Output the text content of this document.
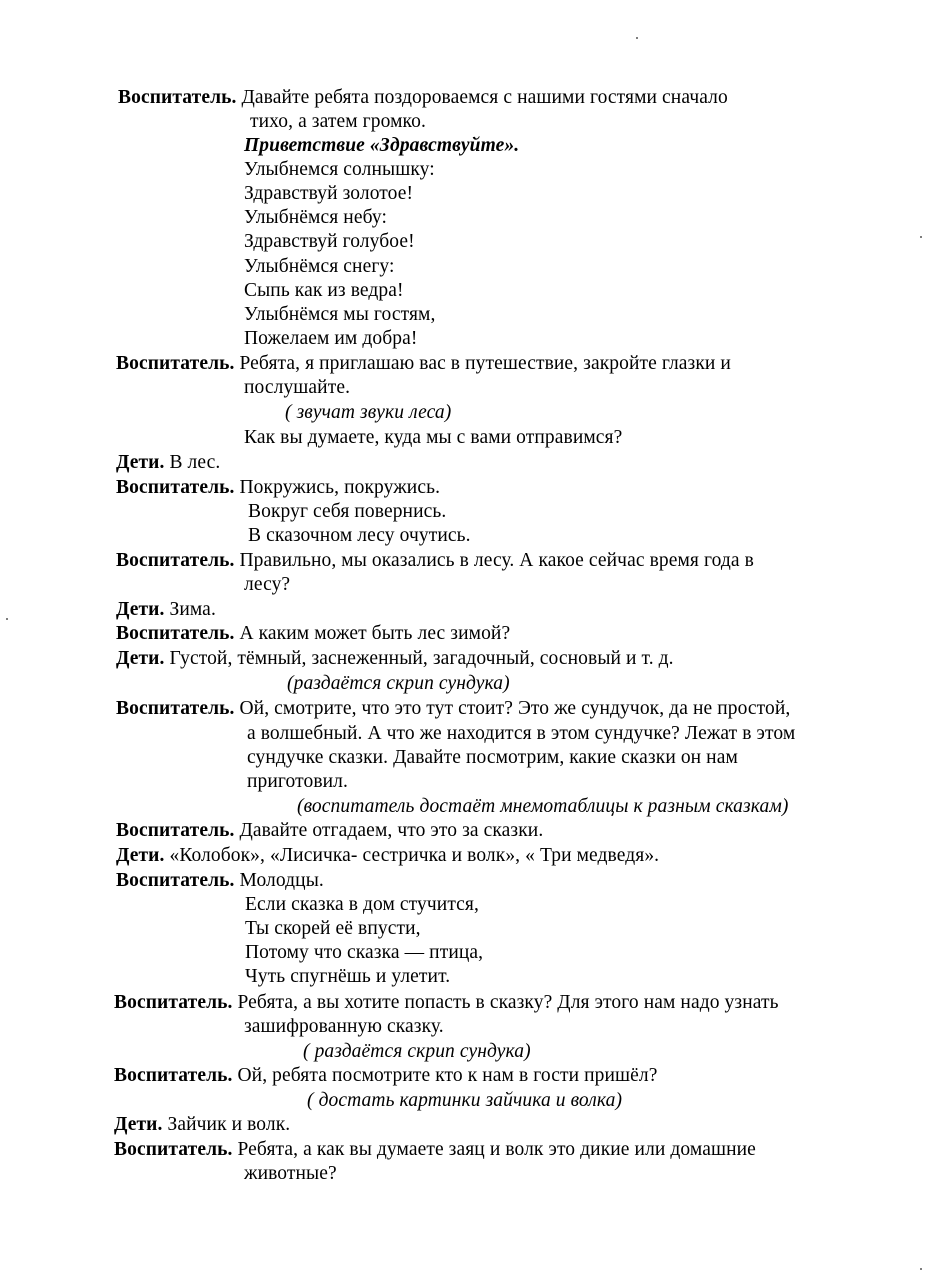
Воспитатель. Давайте ребята поздороваемся с нашими гостями сначало
тихо, а затем громко.
Приветствие «Здравствуйте».
Улыбнемся солнышку:
Здравствуй золотое!
Улыбнёмся небу:
Здравствуй голубое!
Улыбнёмся снегу:
Сыпь как из ведра!
Улыбнёмся мы гостям,
Пожелаем им добра!
Воспитатель. Ребята, я приглашаю вас в путешествие, закройте глазки и
послушайте.
( звучат звуки леса)
Как вы думаете, куда мы с вами отправимся?
Дети. В лес.
Воспитатель. Покружись, покружись.
Вокруг себя повернись.
В сказочном лесу очутись.
Воспитатель. Правильно, мы оказались в лесу. А какое сейчас время года в
лесу?
Дети. Зима.
Воспитатель. А каким может быть лес зимой?
Дети. Густой, тёмный, заснеженный, загадочный, сосновый и т. д.
(раздаётся скрип сундука)
Воспитатель. Ой, смотрите, что это тут стоит? Это же сундучок, да не простой,
а волшебный. А что же находится в этом сундучке? Лежат в этом
сундучке сказки. Давайте посмотрим, какие сказки он нам
приготовил.
(воспитатель достаёт мнемотаблицы к разным сказкам)
Воспитатель. Давайте отгадаем, что это за сказки.
Дети. «Колобок», «Лисичка- сестричка и волк», « Три медведя».
Воспитатель. Молодцы.
Если сказка в дом стучится,
Ты скорей её впусти,
Потому что сказка — птица,
Чуть спугнёшь и улетит.
Воспитатель. Ребята, а вы хотите попасть в сказку? Для этого нам надо узнать
зашифрованную сказку.
( раздаётся скрип сундука)
Воспитатель. Ой, ребята посмотрите кто к нам в гости пришёл?
( достать картинки зайчика и волка)
Дети. Зайчик и волк.
Воспитатель. Ребята, а как вы думаете заяц и волк это дикие или домашние
животные?
